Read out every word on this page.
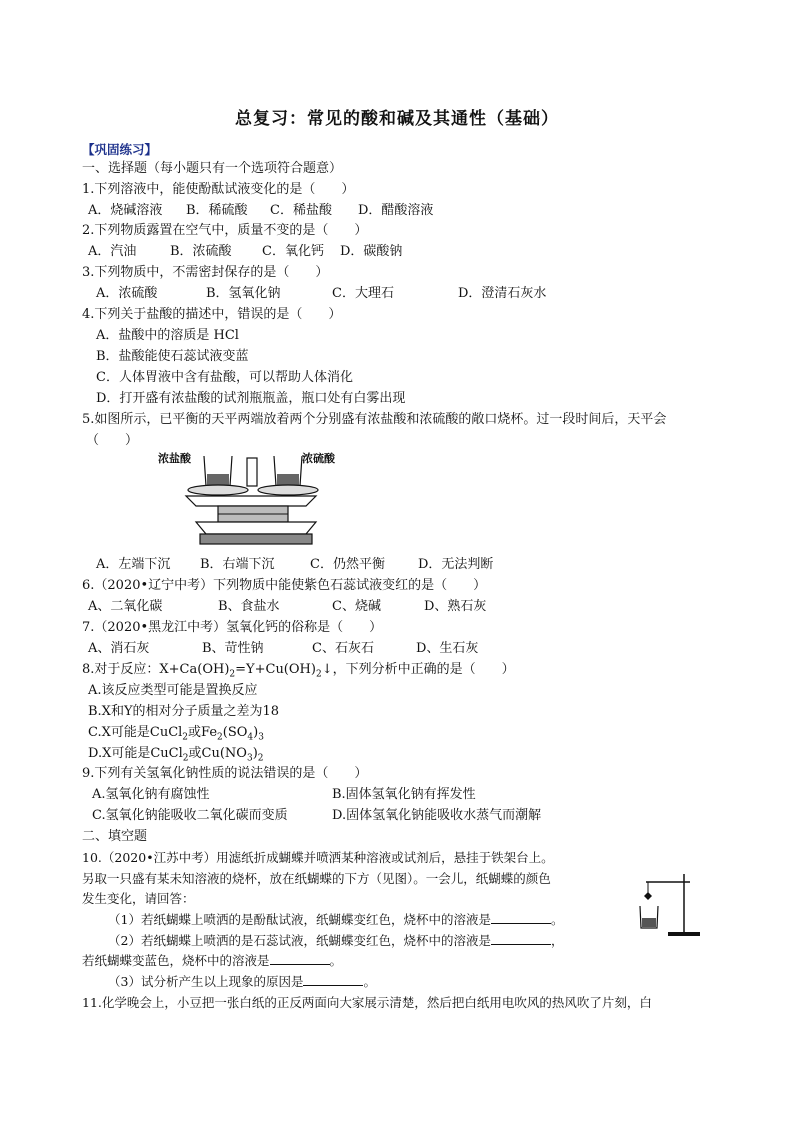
总复习：常见的酸和碱及其通性（基础）
【巩固练习】
一、选择题（每小题只有一个选项符合题意）
1.下列溶液中，能使酚酞试液变化的是（　　）
A．烧碱溶液 B．稀硫酸 C．稀盐酸 D．醋酸溶液
2.下列物质露置在空气中，质量不变的是（　　）
A．汽油	B．浓硫酸 C．氧化钙 D．碳酸钠
3.下列物质中，不需密封保存的是（　　）
A．浓硫酸	B．氢氧化钠	C．大理石	D．澄清石灰水
4.下列关于盐酸的描述中，错误的是（　　）
A．盐酸中的溶质是 HCl
B．盐酸能使石蕊试液变蓝
C．人体胃液中含有盐酸，可以帮助人体消化
D．打开盛有浓盐酸的试剂瓶瓶盖，瓶口处有白雾出现
5.如图所示，已平衡的天平两端放着两个分别盛有浓盐酸和浓硫酸的敞口烧杯。过一段时间后，天平会
（　　）
浓盐酸	浓硫酸
A．左端下沉 B．右端下沉	C．仍然平衡	D．无法判断
6.（2020•辽宁中考）下列物质中能使紫色石蕊试液变红的是（　　）
A、二氧化碳	B、食盐水	C、烧碱	D、熟石灰
7.（2020•黑龙江中考）氢氧化钙的俗称是（　　）
A、消石灰	B、苛性钠	C、石灰石	D、生石灰
8.对于反应：$X+Ca(OH)_2=Y+Cu(OH)_2↓$，下列分析中正确的是（　　）
A.该反应类型可能是置换反应
B.X和Y的相对分子质量之差为18
C.X可能是CuCl$_2$或$Fe_2(SO_4)_3$
D.X可能是CuCl$_2$或$Cu(NO_3)_2$
9.下列有关氢氧化钠性质的说法错误的是（　　）
A.氢氧化钠有腐蚀性	B.固体氢氧化钠有挥发性
C.氢氧化钠能吸收二氧化碳而变质	D.固体氢氧化钠能吸收水蒸气而潮解
二、填空题
10.（2020•江苏中考）用滤纸折成蝴蝶并喷洒某种溶液或试剂后，悬挂于铁架台上。
另取一只盛有某未知溶液的烧杯，放在纸蝴蝶的下方（见图）。一会儿，纸蝴蝶的颜色
发生变化，请回答：
（1）若纸蝴蝶上喷洒的是酚酞试液，纸蝴蝶变红色，烧杯中的溶液是	。
（2）若纸蝴蝶上喷洒的是石蕊试液，纸蝴蝶变红色，烧杯中的溶液是	，
若纸蝴蝶变蓝色，烧杯中的溶液是	。
（3）试分析产生以上现象的原因是	。
11.化学晚会上，小豆把一张白纸的正反两面向大家展示清楚，然后把白纸用电吹风的热风吹了片刻，白
